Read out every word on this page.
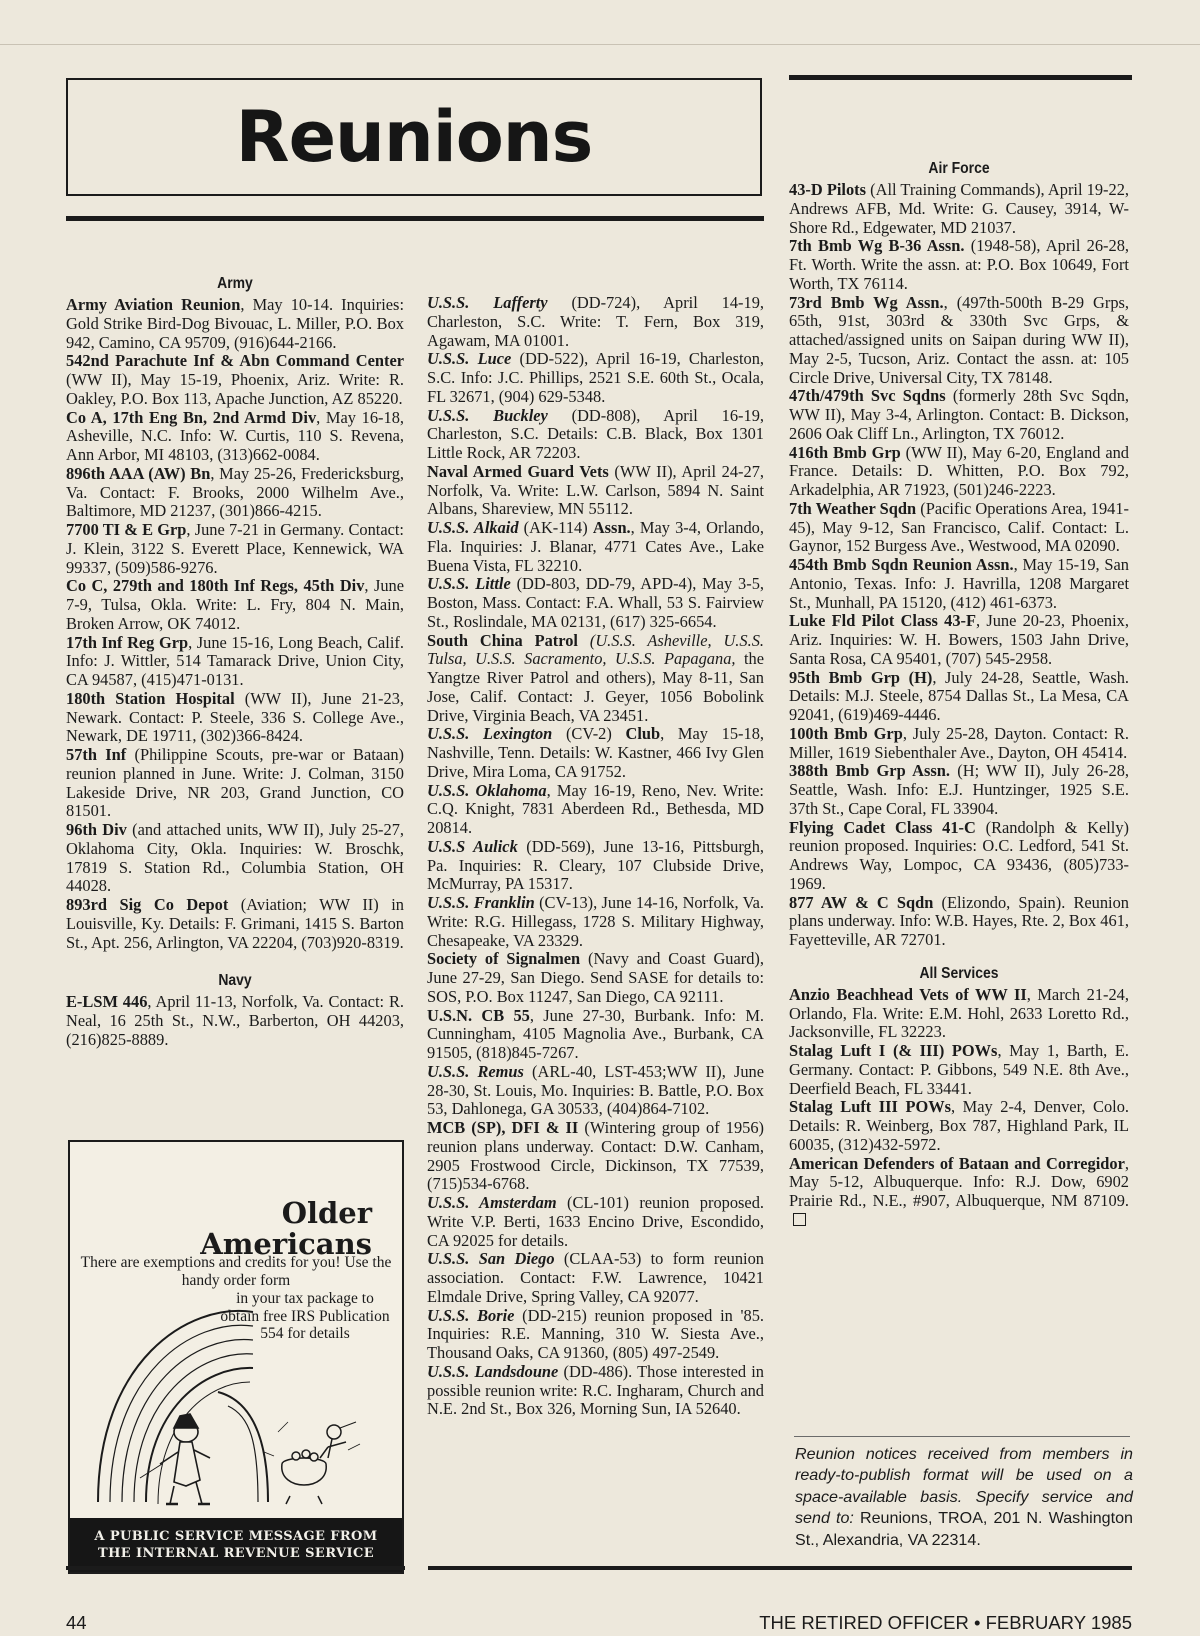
Reunions
Army

Army Aviation Reunion, May 10-14. Inquiries: Gold Strike Bird-Dog Bivouac, L. Miller, P.O. Box 942, Camino, CA 95709, (916)644-2166.

542nd Parachute Inf & Abn Command Center (WW II), May 15-19, Phoenix, Ariz. Write: R. Oakley, P.O. Box 113, Apache Junction, AZ 85220.

Co A, 17th Eng Bn, 2nd Armd Div, May 16-18, Asheville, N.C. Info: W. Curtis, 110 S. Revena, Ann Arbor, MI 48103, (313)662-0084.

896th AAA (AW) Bn, May 25-26, Fredericksburg, Va. Contact: F. Brooks, 2000 Wilhelm Ave., Baltimore, MD 21237, (301)866-4215.

7700 TI & E Grp, June 7-21 in Germany. Contact: J. Klein, 3122 S. Everett Place, Kennewick, WA 99337, (509)586-9276.

Co C, 279th and 180th Inf Regs, 45th Div, June 7-9, Tulsa, Okla. Write: L. Fry, 804 N. Main, Broken Arrow, OK 74012.

17th Inf Reg Grp, June 15-16, Long Beach, Calif. Info: J. Wittler, 514 Tamarack Drive, Union City, CA 94587, (415)471-0131.

180th Station Hospital (WW II), June 21-23, Newark. Contact: P. Steele, 336 S. College Ave., Newark, DE 19711, (302)366-8424.

57th Inf (Philippine Scouts, pre-war or Bataan) reunion planned in June. Write: J. Colman, 3150 Lakeside Drive, NR 203, Grand Junction, CO 81501.

96th Div (and attached units, WW II), July 25-27, Oklahoma City, Okla. Inquiries: W. Broschk, 17819 S. Station Rd., Columbia Station, OH 44028.

893rd Sig Co Depot (Aviation; WW II) in Louisville, Ky. Details: F. Grimani, 1415 S. Barton St., Apt. 256, Arlington, VA 22204, (703)920-8319.

Navy

E-LSM 446, April 11-13, Norfolk, Va. Contact: R. Neal, 16 25th St., N.W., Barberton, OH 44203, (216)825-8889.

U.S.S. Lafferty (DD-724), April 14-19, Charleston, S.C. Write: T. Fern, Box 319, Agawam, MA 01001.

U.S.S. Luce (DD-522), April 16-19, Charleston, S.C. Info: J.C. Phillips, 2521 S.E. 60th St., Ocala, FL 32671, (904) 629-5348.

U.S.S. Buckley (DD-808), April 16-19, Charleston, S.C. Details: C.B. Black, Box 1301 Little Rock, AR 72203.

Naval Armed Guard Vets (WW II), April 24-27, Norfolk, Va. Write: L.W. Carlson, 5894 N. Saint Albans, Shareview, MN 55112.

U.S.S. Alkaid (AK-114) Assn., May 3-4, Orlando, Fla. Inquiries: J. Blanar, 4771 Cates Ave., Lake Buena Vista, FL 32210.

U.S.S. Little (DD-803, DD-79, APD-4), May 3-5, Boston, Mass. Contact: F.A. Whall, 53 S. Fairview St., Roslindale, MA 02131, (617) 325-6654.

South China Patrol (U.S.S. Asheville, U.S.S. Tulsa, U.S.S. Sacramento, U.S.S. Papagana, the Yangtze River Patrol and others), May 8-11, San Jose, Calif. Contact: J. Geyer, 1056 Bobolink Drive, Virginia Beach, VA 23451.

U.S.S. Lexington (CV-2) Club, May 15-18, Nashville, Tenn. Details: W. Kastner, 466 Ivy Glen Drive, Mira Loma, CA 91752.

U.S.S. Oklahoma, May 16-19, Reno, Nev. Write: C.Q. Knight, 7831 Aberdeen Rd., Bethesda, MD 20814.

U.S.S Aulick (DD-569), June 13-16, Pittsburgh, Pa. Inquiries: R. Cleary, 107 Clubside Drive, McMurray, PA 15317.

U.S.S. Franklin (CV-13), June 14-16, Norfolk, Va. Write: R.G. Hillegass, 1728 S. Military Highway, Chesapeake, VA 23329.

Society of Signalmen (Navy and Coast Guard), June 27-29, San Diego. Send SASE for details to: SOS, P.O. Box 11247, San Diego, CA 92111.

U.S.N. CB 55, June 27-30, Burbank. Info: M. Cunningham, 4105 Magnolia Ave., Burbank, CA 91505, (818)845-7267.

U.S.S. Remus (ARL-40, LST-453;WW II), June 28-30, St. Louis, Mo. Inquiries: B. Battle, P.O. Box 53, Dahlonega, GA 30533, (404)864-7102.

MCB (SP), DFI & II (Wintering group of 1956) reunion plans underway. Contact: D.W. Canham, 2905 Frostwood Circle, Dickinson, TX 77539, (715)534-6768.

U.S.S. Amsterdam (CL-101) reunion proposed. Write V.P. Berti, 1633 Encino Drive, Escondido, CA 92025 for details.

U.S.S. San Diego (CLAA-53) to form reunion association. Contact: F.W. Lawrence, 10421 Elmdale Drive, Spring Valley, CA 92077.

U.S.S. Borie (DD-215) reunion proposed in '85. Inquiries: R.E. Manning, 310 W. Siesta Ave., Thousand Oaks, CA 91360, (805) 497-2549.

U.S.S. Landsdoune (DD-486). Those interested in possible reunion write: R.C. Ingharam, Church and N.E. 2nd St., Box 326, Morning Sun, IA 52640.

Air Force

43-D Pilots (All Training Commands), April 19-22, Andrews AFB, Md. Write: G. Causey, 3914, W-Shore Rd., Edgewater, MD 21037.

7th Bmb Wg B-36 Assn. (1948-58), April 26-28, Ft. Worth. Write the assn. at: P.O. Box 10649, Fort Worth, TX 76114.

73rd Bmb Wg Assn., (497th-500th B-29 Grps, 65th, 91st, 303rd & 330th Svc Grps, & attached/assigned units on Saipan during WW II), May 2-5, Tucson, Ariz. Contact the assn. at: 105 Circle Drive, Universal City, TX 78148.

47th/479th Svc Sqdns (formerly 28th Svc Sqdn, WW II), May 3-4, Arlington. Contact: B. Dickson, 2606 Oak Cliff Ln., Arlington, TX 76012.

416th Bmb Grp (WW II), May 6-20, England and France. Details: D. Whitten, P.O. Box 792, Arkadelphia, AR 71923, (501)246-2223.

7th Weather Sqdn (Pacific Operations Area, 1941-45), May 9-12, San Francisco, Calif. Contact: L. Gaynor, 152 Burgess Ave., Westwood, MA 02090.

454th Bmb Sqdn Reunion Assn., May 15-19, San Antonio, Texas. Info: J. Havrilla, 1208 Margaret St., Munhall, PA 15120, (412) 461-6373.

Luke Fld Pilot Class 43-F, June 20-23, Phoenix, Ariz. Inquiries: W. H. Bowers, 1503 Jahn Drive, Santa Rosa, CA 95401, (707) 545-2958.

95th Bmb Grp (H), July 24-28, Seattle, Wash. Details: M.J. Steele, 8754 Dallas St., La Mesa, CA 92041, (619)469-4446.

100th Bmb Grp, July 25-28, Dayton. Contact: R. Miller, 1619 Siebenthaler Ave., Dayton, OH 45414.

388th Bmb Grp Assn. (H; WW II), July 26-28, Seattle, Wash. Info: E.J. Huntzinger, 1925 S.E. 37th St., Cape Coral, FL 33904.

Flying Cadet Class 41-C (Randolph & Kelly) reunion proposed. Inquiries: O.C. Ledford, 541 St. Andrews Way, Lompoc, CA 93436, (805)733-1969.

877 AW & C Sqdn (Elizondo, Spain). Reunion plans underway. Info: W.B. Hayes, Rte. 2, Box 461, Fayetteville, AR 72701.

All Services

Anzio Beachhead Vets of WW II, March 21-24, Orlando, Fla. Write: E.M. Hohl, 2633 Loretto Rd., Jacksonville, FL 32223.

Stalag Luft I (& III) POWs, May 1, Barth, E. Germany. Contact: P. Gibbons, 549 N.E. 8th Ave., Deerfield Beach, FL 33441.

Stalag Luft III POWs, May 2-4, Denver, Colo. Details: R. Weinberg, Box 787, Highland Park, IL 60035, (312)432-5972.

American Defenders of Bataan and Corregidor, May 5-12, Albuquerque. Info: R.J. Dow, 6902 Prairie Rd., N.E., #907, Albuquerque, NM 87109.

Older
Americans
There are exemptions and credits for you! Use the handy order form
in your tax package to obtain free IRS Publication 554 for details
A PUBLIC SERVICE MESSAGE FROM
THE INTERNAL REVENUE SERVICE
Reunion notices received from members in ready-to-publish format will be used on a space-available basis. Specify service and send to: Reunions, TROA, 201 N. Washington St., Alexandria, VA 22314.
44	THE RETIRED OFFICER • FEBRUARY 1985
